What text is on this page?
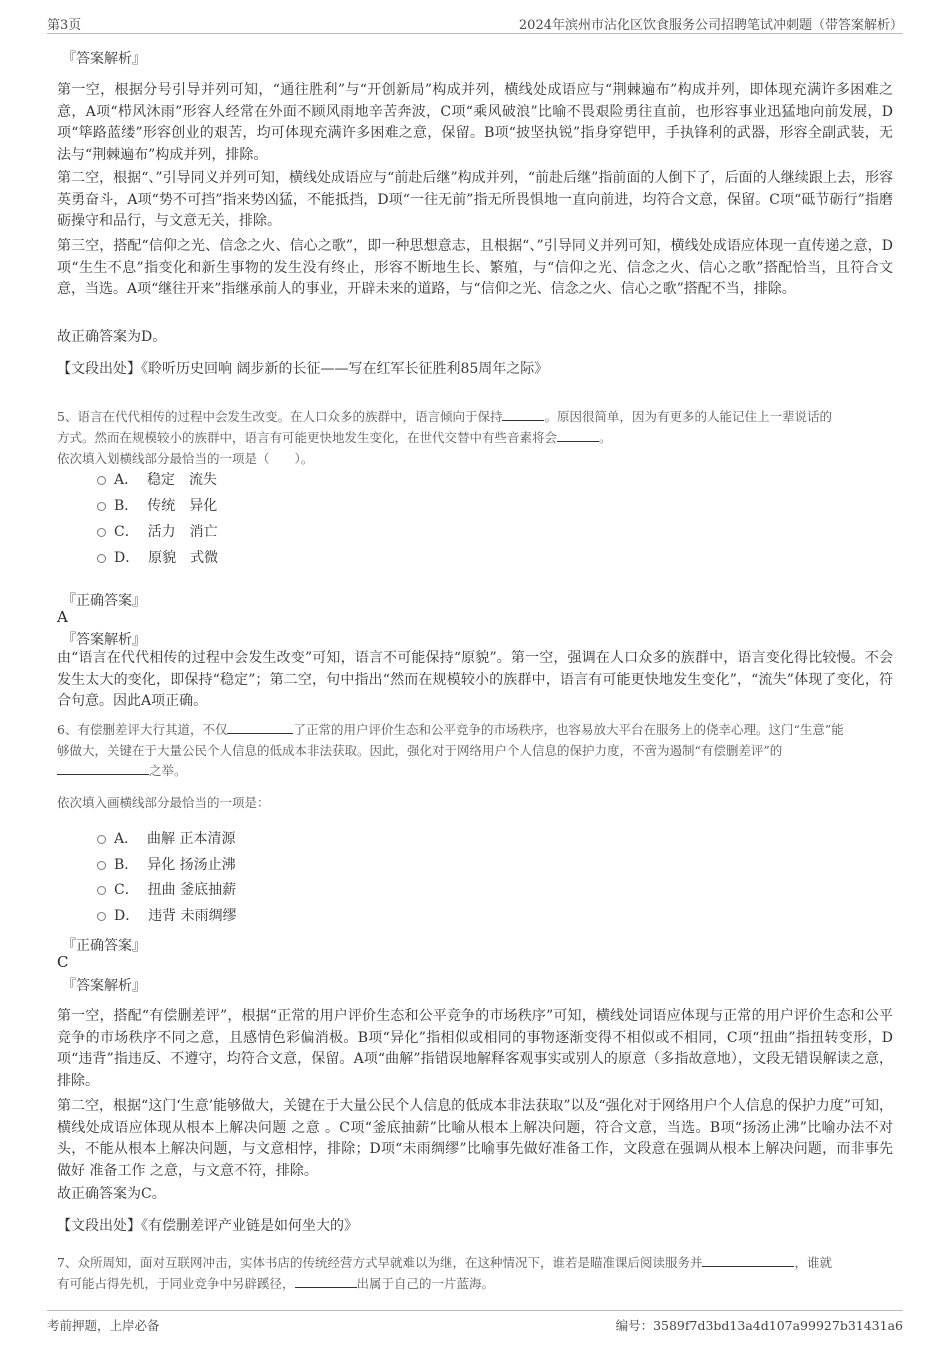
第3页	2024年滨州市沾化区饮食服务公司招聘笔试冲刺题（带答案解析）
『答案解析』
第一空，根据分号引导并列可知，“通往胜利”与“开创新局”构成并列，横线处成语应与“荆棘遍布”构成并列，即体现充满许多困难之意，A项“栉风沐雨”形容人经常在外面不顾风雨地辛苦奔波，C项“乘风破浪”比喻不畏艰险勇往直前，也形容事业迅猛地向前发展，D项“筚路蓝缕”形容创业的艰苦，均可体现充满许多困难之意，保留。B项“披坚执锐”指身穿铠甲，手执锋利的武器，形容全副武装，无法与“荆棘遍布”构成并列，排除。
第二空，根据“、”引导同义并列可知，横线处成语应与“前赴后继”构成并列，“前赴后继”指前面的人倒下了，后面的人继续跟上去，形容英勇奋斗，A项“势不可挡”指来势凶猛，不能抵挡，D项“一往无前”指无所畏惧地一直向前进，均符合文意，保留。C项“砥节砺行”指磨砺操守和品行，与文意无关，排除。
第三空，搭配“信仰之光、信念之火、信心之歌”，即一种思想意志，且根据“、”引导同义并列可知，横线处成语应体现一直传递之意，D项“生生不息”指变化和新生事物的发生没有终止，形容不断地生长、繁殖，与“信仰之光、信念之火、信心之歌”搭配恰当，且符合文意，当选。A项“继往开来”指继承前人的事业，开辟未来的道路，与“信仰之光、信念之火、信心之歌”搭配不当，排除。
故正确答案为D。
【文段出处】《聆听历史回响 阔步新的长征——写在红军长征胜利85周年之际》
5、语言在代代相传的过程中会发生改变。在人口众多的族群中，语言倾向于保持	。原因很简单，因为有更多的人能记住上一辈说话的
方式。然而在规模较小的族群中，语言有可能更快地发生变化，在世代交替中有些音素将会	。
依次填入划横线部分最恰当的一项是（　　）。
A． 稳定　流失
B． 传统　异化
C． 活力　消亡
D． 原貌　式微
『正确答案』
A
『答案解析』
由“语言在代代相传的过程中会发生改变”可知，语言不可能保持“原貌”。第一空，强调在人口众多的族群中，语言变化得比较慢。不会发生太大的变化，即保持“稳定”；第二空，句中指出“然而在规模较小的族群中，语言有可能更快地发生变化”，“流失”体现了变化，符合句意。因此A项正确。
6、有偿删差评大行其道，不仅	了正常的用户评价生态和公平竞争的市场秩序，也容易放大平台在服务上的侥幸心理。这门“生意”能
够做大，关键在于大量公民个人信息的低成本非法获取。因此，强化对于网络用户个人信息的保护力度，不啻为遏制“有偿删差评”的
之举。
依次填入画横线部分最恰当的一项是：
A． 曲解 正本清源
B． 异化 扬汤止沸
C． 扭曲 釜底抽薪
D． 违背 未雨绸缪
『正确答案』
C
『答案解析』
第一空，搭配“有偿删差评”，根据“正常的用户评价生态和公平竞争的市场秩序”可知，横线处词语应体现与正常的用户评价生态和公平竞争的市场秩序不同之意，且感情色彩偏消极。B项“异化”指相似或相同的事物逐渐变得不相似或不相同，C项“扭曲”指扭转变形，D项“违背”指违反、不遵守，均符合文意，保留。A项“曲解”指错误地解释客观事实或别人的原意（多指故意地），文段无错误解读之意，排除。
第二空，根据“这门‘生意’能够做大，关键在于大量公民个人信息的低成本非法获取”以及“强化对于网络用户个人信息的保护力度”可知，横线处成语应体现从根本上解决问题 之意 。C项“釜底抽薪”比喻从根本上解决问题，符合文意，当选。B项“扬汤止沸”比喻办法不对头，不能从根本上解决问题，与文意相悖，排除；D项“未雨绸缪”比喻事先做好准备工作，文段意在强调从根本上解决问题，而非事先做好 准备工作 之意，与文意不符，排除。
故正确答案为C。
【文段出处】《有偿删差评产业链是如何坐大的》
7、众所周知，面对互联网冲击，实体书店的传统经营方式早就难以为继，在这种情况下，谁若是瞄准课后阅读服务并	，谁就
有可能占得先机，于同业竞争中另辟蹊径，	出属于自己的一片蓝海。
考前押题，上岸必备	编号：3589f7d3bd13a4d107a99927b31431a6
